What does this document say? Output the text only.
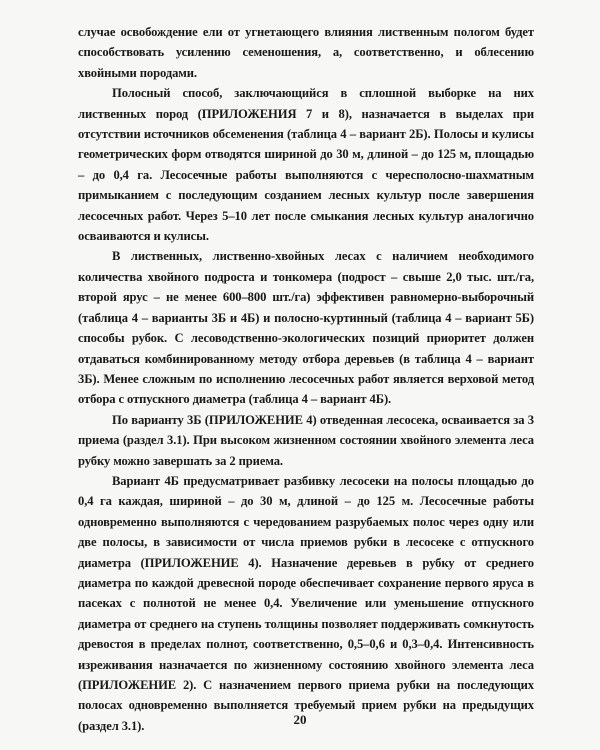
случае освобождение ели от угнетающего влияния лиственным пологом будет способствовать усилению семеношения, а, соответственно, и облесению хвойными породами.

Полосный способ, заключающийся в сплошной выборке на них лиственных пород (ПРИЛОЖЕНИЯ 7 и 8), назначается в выделах при отсутствии источников обсеменения (таблица 4 – вариант 2Б). Полосы и кулисы геометрических форм отводятся шириной до 30 м, длиной – до 125 м, площадью – до 0,4 га. Лесосечные работы выполняются с чересполосно-шахматным примыканием с последующим созданием лесных культур после завершения лесосечных работ. Через 5–10 лет после смыкания лесных культур аналогично осваиваются и кулисы.

В лиственных, лиственно-хвойных лесах с наличием необходимого количества хвойного подроста и тонкомера (подрост – свыше 2,0 тыс. шт./га, второй ярус – не менее 600–800 шт./га) эффективен равномерно-выборочный (таблица 4 – варианты 3Б и 4Б) и полосно-куртинный (таблица 4 – вариант 5Б) способы рубок. С лесоводственно-экологических позиций приоритет должен отдаваться комбинированному методу отбора деревьев (в таблица 4 – вариант 3Б). Менее сложным по исполнению лесосечных работ является верховой метод отбора с отпускного диаметра (таблица 4 – вариант 4Б).

По варианту 3Б (ПРИЛОЖЕНИЕ 4) отведенная лесосека, осваивается за 3 приема (раздел 3.1). При высоком жизненном состоянии хвойного элемента леса рубку можно завершать за 2 приема.

Вариант 4Б предусматривает разбивку лесосеки на полосы площадью до 0,4 га каждая, шириной – до 30 м, длиной – до 125 м. Лесосечные работы одновременно выполняются с чередованием разрубаемых полос через одну или две полосы, в зависимости от числа приемов рубки в лесосеке с отпускного диаметра (ПРИЛОЖЕНИЕ 4). Назначение деревьев в рубку от среднего диаметра по каждой древесной породе обеспечивает сохранение первого яруса в пасеках с полнотой не менее 0,4. Увеличение или уменьшение отпускного диаметра от среднего на ступень толщины позволяет поддерживать сомкнутость древостоя в пределах полнот, соответственно, 0,5–0,6 и 0,3–0,4. Интенсивность изреживания назначается по жизненному состоянию хвойного элемента леса (ПРИЛОЖЕНИЕ 2). С назначением первого приема рубки на последующих полосах одновременно выполняется требуемый прием рубки на предыдущих (раздел 3.1).	20
